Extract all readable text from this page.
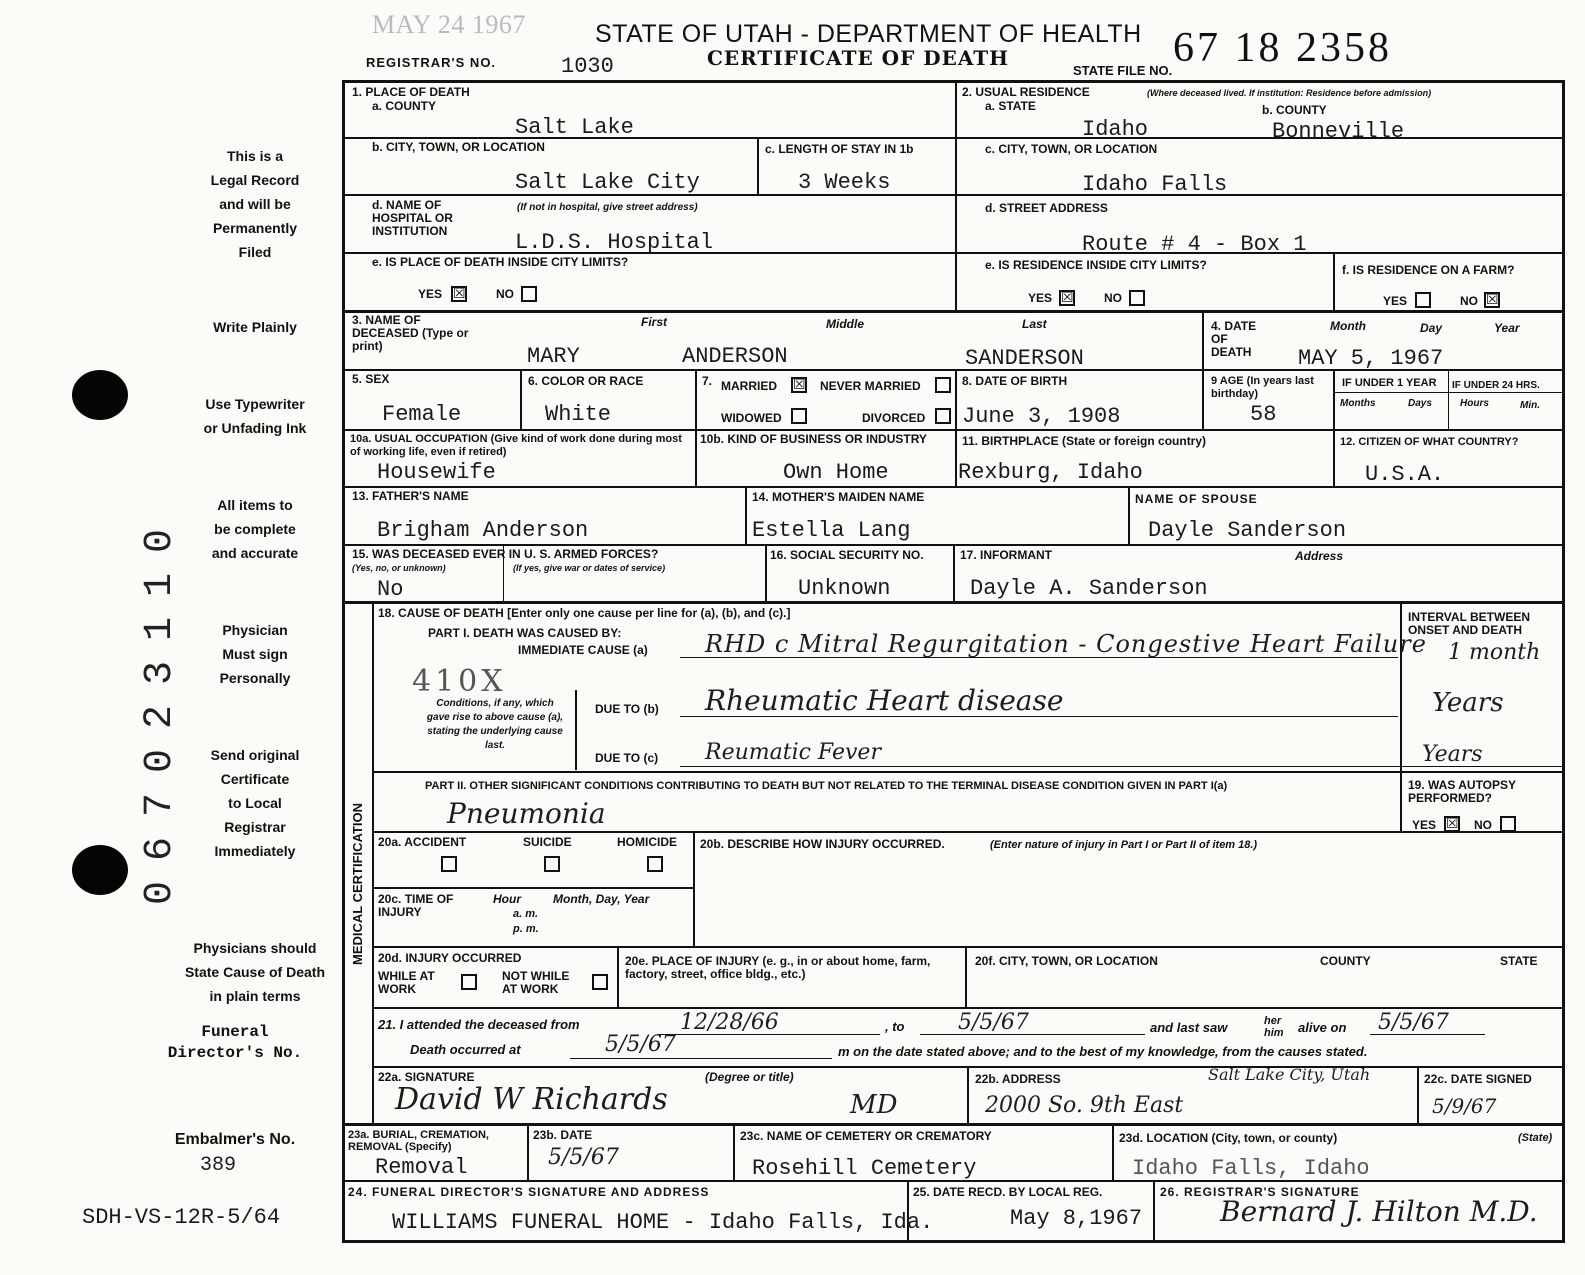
MAY 24 1967	STATE OF UTAH - DEPARTMENT OF HEALTH 67 18 2358
REGISTRAR'S NO.	1030	CERTIFICATE OF DEATH
STATE FILE NO.
This is a
Legal Record
and will be
Permanently
Filed
Write Plainly
Use Typewriter
or Unfading Ink
All items to
be complete
and accurate
Physician
Must sign
Personally
Send original
Certificate
to Local
Registrar
Immediately
Physicians should
State Cause of Death
in plain terms
Funeral
Director's No.
Embalmer's No.
389
SDH-VS-12R-5/64
067023110
1. PLACE OF DEATH
a. COUNTY
Salt Lake
2. USUAL RESIDENCE	(Where deceased lived. If institution: Residence before admission)
a. STATE	b. COUNTY
Idaho	Bonneville
b. CITY, TOWN, OR LOCATION
Salt Lake City
c. LENGTH OF STAY IN 1b
3 Weeks
c. CITY, TOWN, OR LOCATION
Idaho Falls
d. NAME OF HOSPITAL OR INSTITUTION
(If not in hospital, give street address)
L.D.S. Hospital
d. STREET ADDRESS
Route # 4 - Box 1
e. IS PLACE OF DEATH INSIDE CITY LIMITS?
YES ☒	NO
e. IS RESIDENCE INSIDE CITY LIMITS?
YES ☒	NO
f. IS RESIDENCE ON A FARM?
YES	NO ☒
3. NAME OF DECEASED (Type or print)
First	Middle	Last
MARY	ANDERSON	SANDERSON
4. DATE OF DEATH
Month	Day	Year
MAY 5, 1967
5. SEX
Female
6. COLOR OR RACE
White
7. MARRIED ☒ NEVER MARRIED
WIDOWED	DIVORCED
8. DATE OF BIRTH
June 3, 1908
9 AGE (In years last birthday)
58
IF UNDER 1 YEAR IF UNDER 24 HRS.
Months	Days	Hours	Min.
10a. USUAL OCCUPATION (Give kind of work done during most of working life, even if retired)
Housewife
10b. KIND OF BUSINESS OR INDUSTRY
Own Home
11. BIRTHPLACE (State or foreign country)
Rexburg, Idaho
12. CITIZEN OF WHAT COUNTRY?
U.S.A.
13. FATHER'S NAME
Brigham Anderson
14. MOTHER'S MAIDEN NAME
Estella Lang
NAME OF SPOUSE
Dayle Sanderson
15. WAS DECEASED EVER IN U. S. ARMED FORCES?
(Yes, no, or unknown)	(If yes, give war or dates of service)
No
16. SOCIAL SECURITY NO.
Unknown
17. INFORMANT	Address
Dayle A. Sanderson
MEDICAL CERTIFICATION
18. CAUSE OF DEATH [Enter only one cause per line for (a), (b), and (c).]
PART I. DEATH WAS CAUSED BY:
IMMEDIATE CAUSE (a) RHD c Mitral Regurgitation - Congestive Heart Failure
410X
Conditions, if any, which gave rise to above cause (a), stating the underlying cause last.
DUE TO (b) Rheumatic Heart disease
DUE TO (c) Reumatic Fever
INTERVAL BETWEEN ONSET AND DEATH
1 month
Years
Years
PART II. OTHER SIGNIFICANT CONDITIONS CONTRIBUTING TO DEATH BUT NOT RELATED TO THE TERMINAL DISEASE CONDITION GIVEN IN PART I(a)
Pneumonia
19. WAS AUTOPSY PERFORMED?
YES ☒ NO
20a. ACCIDENT	SUICIDE	HOMICIDE 20b. DESCRIBE HOW INJURY OCCURRED.	(Enter nature of injury in Part I or Part II of item 18.)
20c. TIME OF INJURY
Hour
a. m.
p. m.
Month, Day, Year
20d. INJURY OCCURRED
WHILE AT WORK
NOT WHILE AT WORK
20e. PLACE OF INJURY (e. g., in or about home, farm, factory, street, office bldg., etc.)
20f. CITY, TOWN, OR LOCATION	COUNTY	STATE
21. I attended the deceased from	12/28/66	, to 5/5/67	and last saw	her him	alive on 5/5/67
Death occurred at	5/5/67	m on the date stated above; and to the best of my knowledge, from the causes stated.
22a. SIGNATURE	(Degree or title)
David W Richards	MD
22b. ADDRESS	Salt Lake City, Utah
2000 So. 9th East
22c. DATE SIGNED
5/9/67
23a. BURIAL, CREMATION, REMOVAL (Specify)
Removal
23b. DATE
5/5/67
23c. NAME OF CEMETERY OR CREMATORY
Rosehill Cemetery
23d. LOCATION (City, town, or county)	(State)
Idaho Falls, Idaho
24. FUNERAL DIRECTOR'S SIGNATURE AND ADDRESS
WILLIAMS FUNERAL HOME - Idaho Falls, Ida.
25. DATE RECD. BY LOCAL REG.
May 8,1967
26. REGISTRAR'S SIGNATURE
Bernard J. Hilton M.D.
